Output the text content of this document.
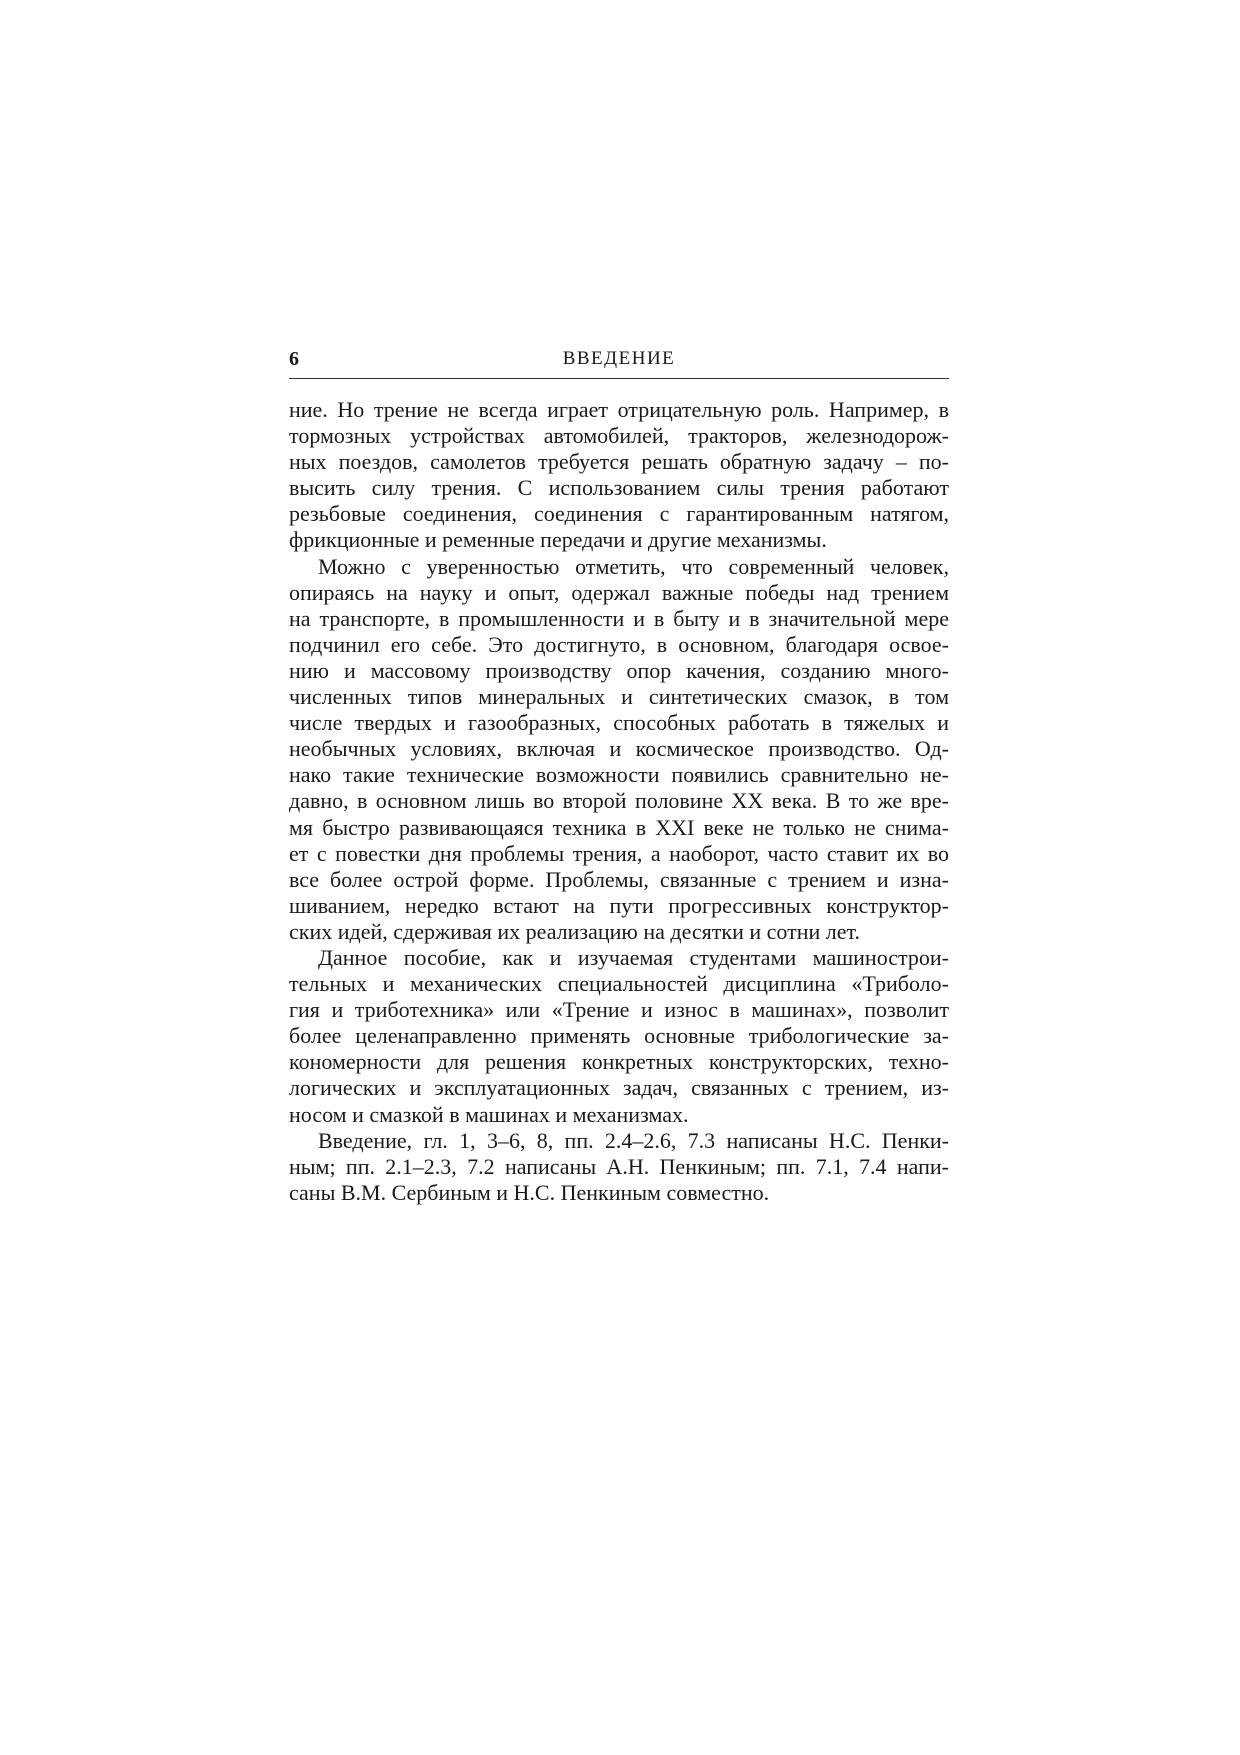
6	ВВЕДЕНИЕ
ние. Но трение не всегда играет отрицательную роль. Например, в
тормозных устройствах автомобилей, тракторов, железнодорож-
ных поездов, самолетов требуется решать обратную задачу – по-
высить силу трения. С использованием силы трения работают
резьбовые соединения, соединения с гарантированным натягом,
фрикционные и ременные передачи и другие механизмы.
Можно с уверенностью отметить, что современный человек,
опираясь на науку и опыт, одержал важные победы над трением
на транспорте, в промышленности и в быту и в значительной мере
подчинил его себе. Это достигнуто, в основном, благодаря освое-
нию и массовому производству опор качения, созданию много-
численных типов минеральных и синтетических смазок, в том
числе твердых и газообразных, способных работать в тяжелых и
необычных условиях, включая и космическое производство. Од-
нако такие технические возможности появились сравнительно не-
давно, в основном лишь во второй половине XX века. В то же вре-
мя быстро развивающаяся техника в XXI веке не только не снима-
ет с повестки дня проблемы трения, а наоборот, часто ставит их во
все более острой форме. Проблемы, связанные с трением и изна-
шиванием, нередко встают на пути прогрессивных конструктор-
ских идей, сдерживая их реализацию на десятки и сотни лет.
Данное пособие, как и изучаемая студентами машинострои-
тельных и механических специальностей дисциплина «Триболо-
гия и триботехника» или «Трение и износ в машинах», позволит
более целенаправленно применять основные трибологические за-
кономерности для решения конкретных конструкторских, техно-
логических и эксплуатационных задач, связанных с трением, из-
носом и смазкой в машинах и механизмах.
Введение, гл. 1, 3–6, 8, пп. 2.4–2.6, 7.3 написаны Н.С. Пенки-
ным; пп. 2.1–2.3, 7.2 написаны А.Н. Пенкиным; пп. 7.1, 7.4 напи-
саны В.М. Сербиным и Н.С. Пенкиным совместно.
